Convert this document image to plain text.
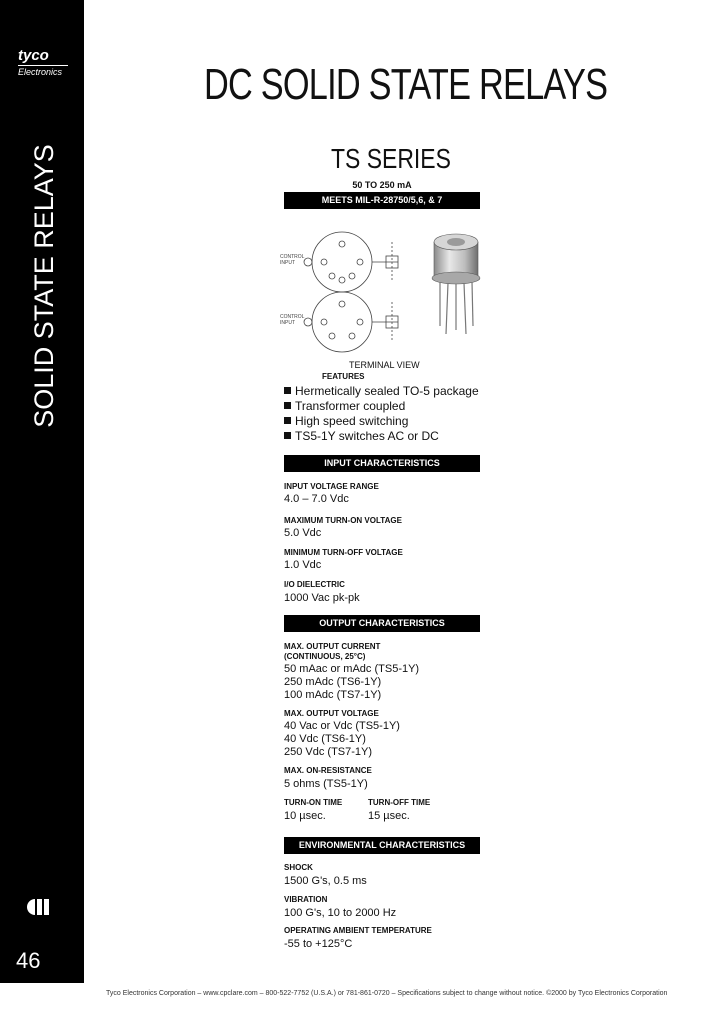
tyco
Electronics
SOLID STATE RELAYS
46
DC SOLID STATE RELAYS
TS SERIES
50 TO 250 mA
MEETS MIL-R-28750/5,6, & 7
CONTROL
INPUT
CONTROL
INPUT
TERMINAL VIEW
FEATURES
Hermetically sealed TO-5 package
Transformer coupled
High speed switching
TS5-1Y switches AC or DC
INPUT CHARACTERISTICS
INPUT VOLTAGE RANGE
4.0 – 7.0 Vdc
MAXIMUM TURN-ON VOLTAGE
5.0 Vdc
MINIMUM TURN-OFF VOLTAGE
1.0 Vdc
I/O DIELECTRIC
1000 Vac pk-pk
OUTPUT CHARACTERISTICS
MAX. OUTPUT CURRENT
(CONTINUOUS, 25°C)
50 mAac or mAdc (TS5-1Y)
250 mAdc (TS6-1Y)
100 mAdc (TS7-1Y)
MAX. OUTPUT VOLTAGE
40 Vac or Vdc (TS5-1Y)
40 Vdc (TS6-1Y)
250 Vdc (TS7-1Y)
MAX. ON-RESISTANCE
5 ohms (TS5-1Y)
TURN-ON TIME
10 µsec.
TURN-OFF TIME
15 µsec.
ENVIRONMENTAL CHARACTERISTICS
SHOCK
1500 G's, 0.5 ms
VIBRATION
100 G's, 10 to 2000 Hz
OPERATING AMBIENT TEMPERATURE
-55 to +125°C
Tyco Electronics Corporation – www.cpclare.com – 800-522-7752 (U.S.A.) or 781-861-0720 – Specifications subject to change without notice. ©2000 by Tyco Electronics Corporation
